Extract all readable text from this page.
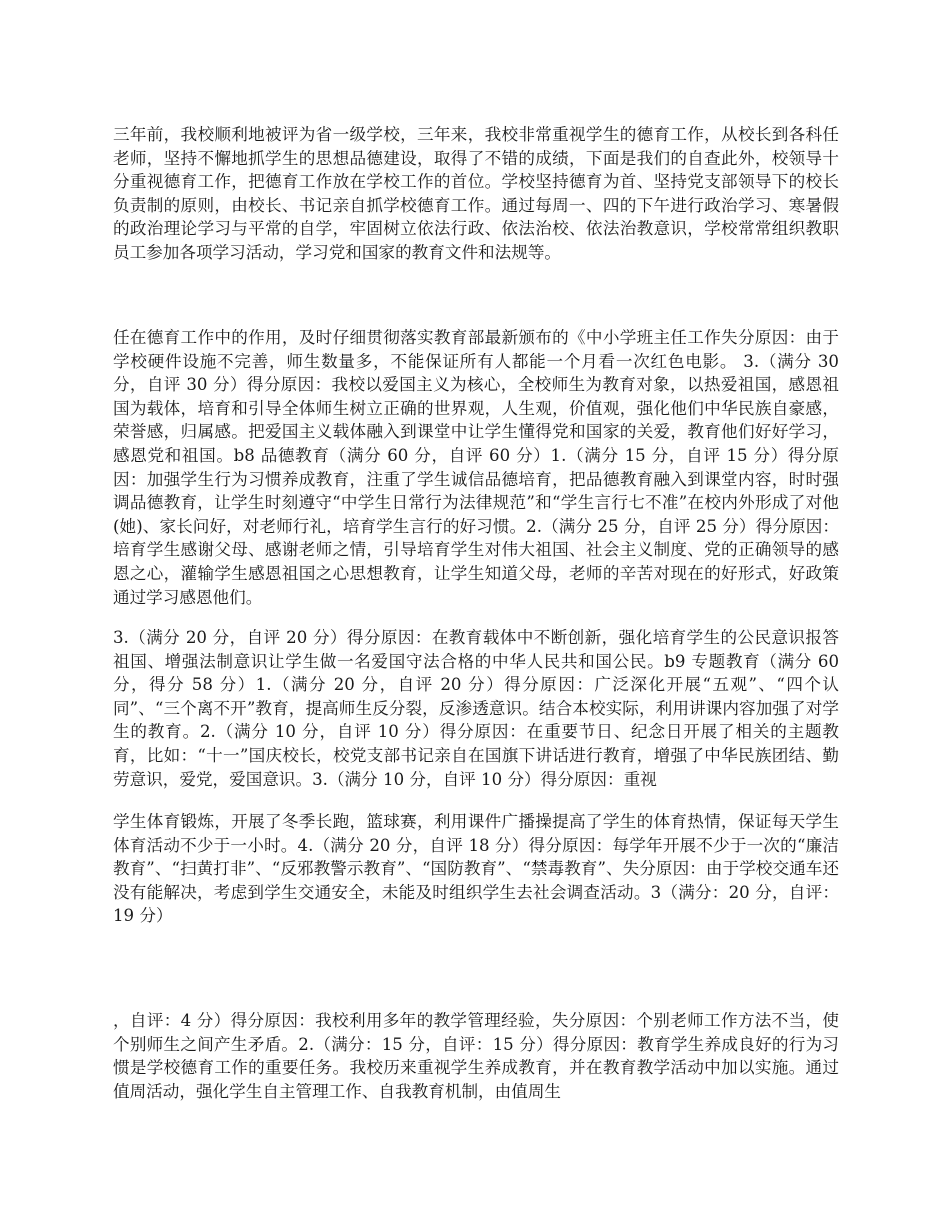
三年前，我校顺利地被评为省一级学校，三年来，我校非常重视学生的德育工作，从校长到各科任老师，坚持不懈地抓学生的思想品德建设，取得了不错的成绩，下面是我们的自查此外，校领导十分重视德育工作，把德育工作放在学校工作的首位。学校坚持德育为首、坚持党支部领导下的校长负责制的原则，由校长、书记亲自抓学校德育工作。通过每周一、四的下午进行政治学习、寒暑假的政治理论学习与平常的自学，牢固树立依法行政、依法治校、依法治教意识，学校常常组织教职员工参加各项学习活动，学习党和国家的教育文件和法规等。

任在德育工作中的作用，及时仔细贯彻落实教育部最新颁布的《中小学班主任工作失分原因：由于学校硬件设施不完善，师生数量多，不能保证所有人都能一个月看一次红色电影。 3.（满分 30 分，自评 30 分）得分原因：我校以爱国主义为核心，全校师生为教育对象，以热爱祖国，感恩祖国为载体，培育和引导全体师生树立正确的世界观，人生观，价值观，强化他们中华民族自豪感，荣誉感，归属感。把爱国主义载体融入到课堂中让学生懂得党和国家的关爱，教育他们好好学习，感恩党和祖国。b8 品德教育（满分 60 分，自评 60 分）1.（满分 15 分，自评 15 分）得分原因：加强学生行为习惯养成教育，注重了学生诚信品德培育，把品德教育融入到课堂内容，时时强调品德教育，让学生时刻遵守“中学生日常行为法律规范”和“学生言行七不准”在校内外形成了对他(她)、家长问好，对老师行礼，培育学生言行的好习惯。2.（满分 25 分，自评 25 分）得分原因：培育学生感谢父母、感谢老师之情，引导培育学生对伟大祖国、社会主义制度、党的正确领导的感恩之心，灌输学生感恩祖国之心思想教育，让学生知道父母，老师的辛苦对现在的好形式，好政策通过学习感恩他们。

3.（满分 20 分，自评 20 分）得分原因：在教育载体中不断创新，强化培育学生的公民意识报答祖国、增强法制意识让学生做一名爱国守法合格的中华人民共和国公民。b9 专题教育（满分 60 分，得分 58 分）1.（满分 20 分，自评 20 分）得分原因：广泛深化开展“五观”、“四个认同”、“三个离不开”教育，提高师生反分裂，反渗透意识。结合本校实际，利用讲课内容加强了对学生的教育。2.（满分 10 分，自评 10 分）得分原因：在重要节日、纪念日开展了相关的主题教育，比如：“十一”国庆校长，校党支部书记亲自在国旗下讲话进行教育，增强了中华民族团结、勤劳意识，爱党，爱国意识。3.（满分 10 分，自评 10 分）得分原因：重视

学生体育锻炼，开展了冬季长跑，篮球赛，利用课件广播操提高了学生的体育热情，保证每天学生体育活动不少于一小时。4.（满分 20 分，自评 18 分）得分原因：每学年开展不少于一次的“廉洁教育”、“扫黄打非”、“反邪教警示教育”、“国防教育”、“禁毒教育”、失分原因：由于学校交通车还没有能解决，考虑到学生交通安全，未能及时组织学生去社会调查活动。3（满分：20 分，自评：19 分）

，自评：4 分）得分原因：我校利用多年的教学管理经验，失分原因：个别老师工作方法不当，使个别师生之间产生矛盾。2.（满分：15 分，自评：15 分）得分原因：教育学生养成良好的行为习惯是学校德育工作的重要任务。我校历来重视学生养成教育，并在教育教学活动中加以实施。通过值周活动，强化学生自主管理工作、自我教育机制，由值周生
